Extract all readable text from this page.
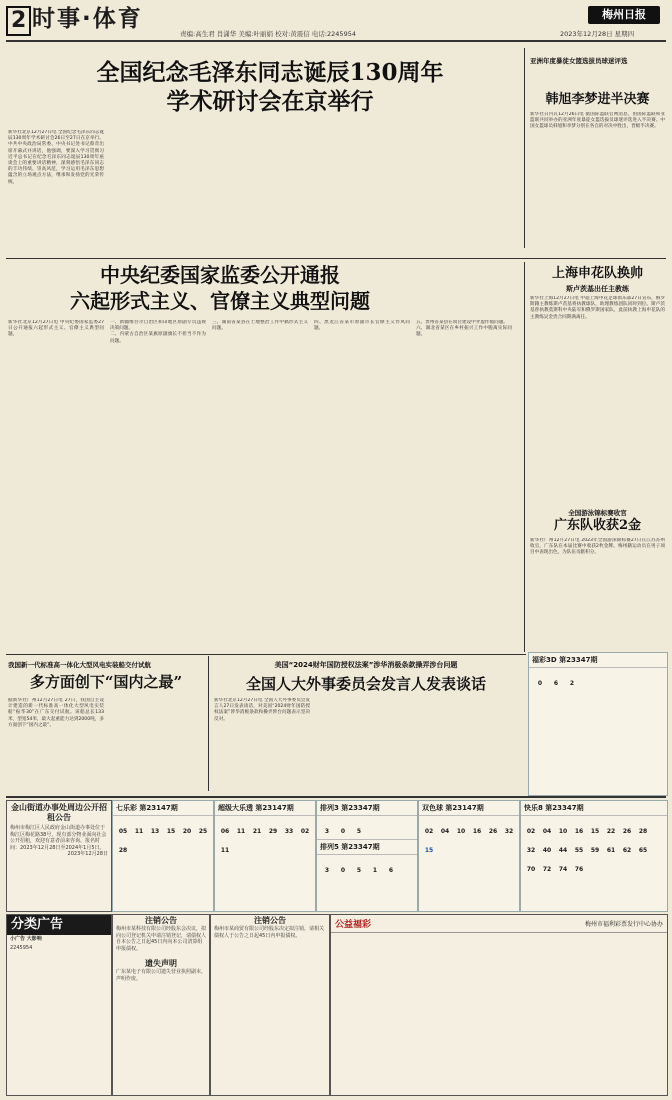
2 时事·体育
责编:高生君 肖潇华 美编:叶丽娟 校对:黄震信 电话:2245954
梅州日报
2023年12月28日 星期四
全国纪念毛泽东同志诞辰130周年
学术研讨会在京举行
新华社北京12月27日电 全国纪念毛泽东同志诞辰130周年学术研讨会26日至27日在京举行。中共中央政治局常委、中央书记处书记蔡奇出席开幕式并讲话，他强调，要深入学习贯彻习近平总书记在纪念毛泽东同志诞辰130周年座谈会上的重要讲话精神，深刻感悟毛泽东同志的丰功伟绩、崇高风范，学习运用毛泽东思想蕴含的立场观点方法，继承和发扬党的光荣传统。
亚洲年度暴徒女篮选拔员球迷评选
韩旭李梦进半决赛
新华社日内瓦12月26日电 据国际篮联官网消息，由国际篮联和亚篮联共同举办的亚洲年度暴徒女篮选拔员球迷评选进入半决赛。中国女篮球员韩旭和李梦分别在各自的对决中胜出，晋级半决赛。
中央纪委国家监委公开通报
六起形式主义、官僚主义典型问题
新华社北京12月27日电 中央纪委国家监委27日公开通报六起形式主义、官僚主义典型问题。
一、新疆维吾尔自治区和田地区原副专员违规决策问题。
二、内蒙古自治区某旗原副旗长不担当不作为问题。
三、湖南省某县在土地整治工作中搞形式主义问题。
四、黑龙江省某市原副市长官僚主义作风问题。
五、贵州省某县在项目建设中弄虚作假问题。
六、湖北省某区在乡村振兴工作中脱离实际问题。
上海申花队换帅
斯卢茨基出任主教练
新华社上海12月27日电 中超上海申花足球俱乐部27日宣布，俄罗斯籍主教练斯卢茨基将执教球队，助理教练团队同时到位。斯卢茨基曾执教莫斯科中央陆军和俄罗斯国家队，此前执教上海申花队的主教练吴金贵合同期满离任。
全国游泳锦标赛收官
广东队收获2金
新华社广州12月27日电 2023年全国游泳锦标赛27日在江苏苏州收官，广东队在本届比赛中收获2枚金牌。梅州籍运动员在男子项目中表现出色，为队伍贡献积分。
我国新一代标准高一体化大型风电实装船交付试航
多方面创下“国内之最”
据新华社广州12月27日电 27日，我国自主设计建造的新一代标准高一体化大型风电实装船“振华30”在广东交付试航。该船总长133米，型宽54米，最大起重能力达到2000吨，多方面创下“国内之最”。
美国“2024财年国防授权法案”涉华消极条款操弄涉台问题
全国人大外事委员会发言人发表谈话
新华社北京12月27日电 全国人大外事委员会发言人27日发表谈话，对美国“2024财年国防授权法案”涉华消极条款和操弄涉台问题表示坚决反对。
福彩3D 第23347期
0 6 2
七乐彩 第23147期
05 11 13 15 20 2528
超级大乐透 第23147期
06 11 21 29 33 0211
排列3 第23347期
3 0 5
排列5 第23347期
3 0 5 1 6
双色球 第23147期
02 04 10 16 26 3215
快乐8 第23347期
02 04 10 16 15 22 26 2832 40 44 55 59 61 62 6570 72 74 76
金山街道办事处周边公开招租公告
梅州市梅江区人民政府金山街道办事处位于梅江区梅花路38号，现有部分物业面向社会公开招租，欢迎有意者前来咨询。报名时间：2023年12月28日至2024年1月5日。
2023年12月28日
分类广告
小广告 大影响
2245954
注销公告
梅州市某科技有限公司经股东会决议，拟向公司登记机关申请注销登记，请债权人自本公告之日起45日内向本公司清算组申报债权。
遗失声明
广东某电子有限公司遗失营业执照副本，声明作废。
注销公告
梅州市某商贸有限公司经股东决定拟注销，请相关债权人于公告之日起45日内申报债权。
公益福彩	梅州市福利彩票发行中心协办
